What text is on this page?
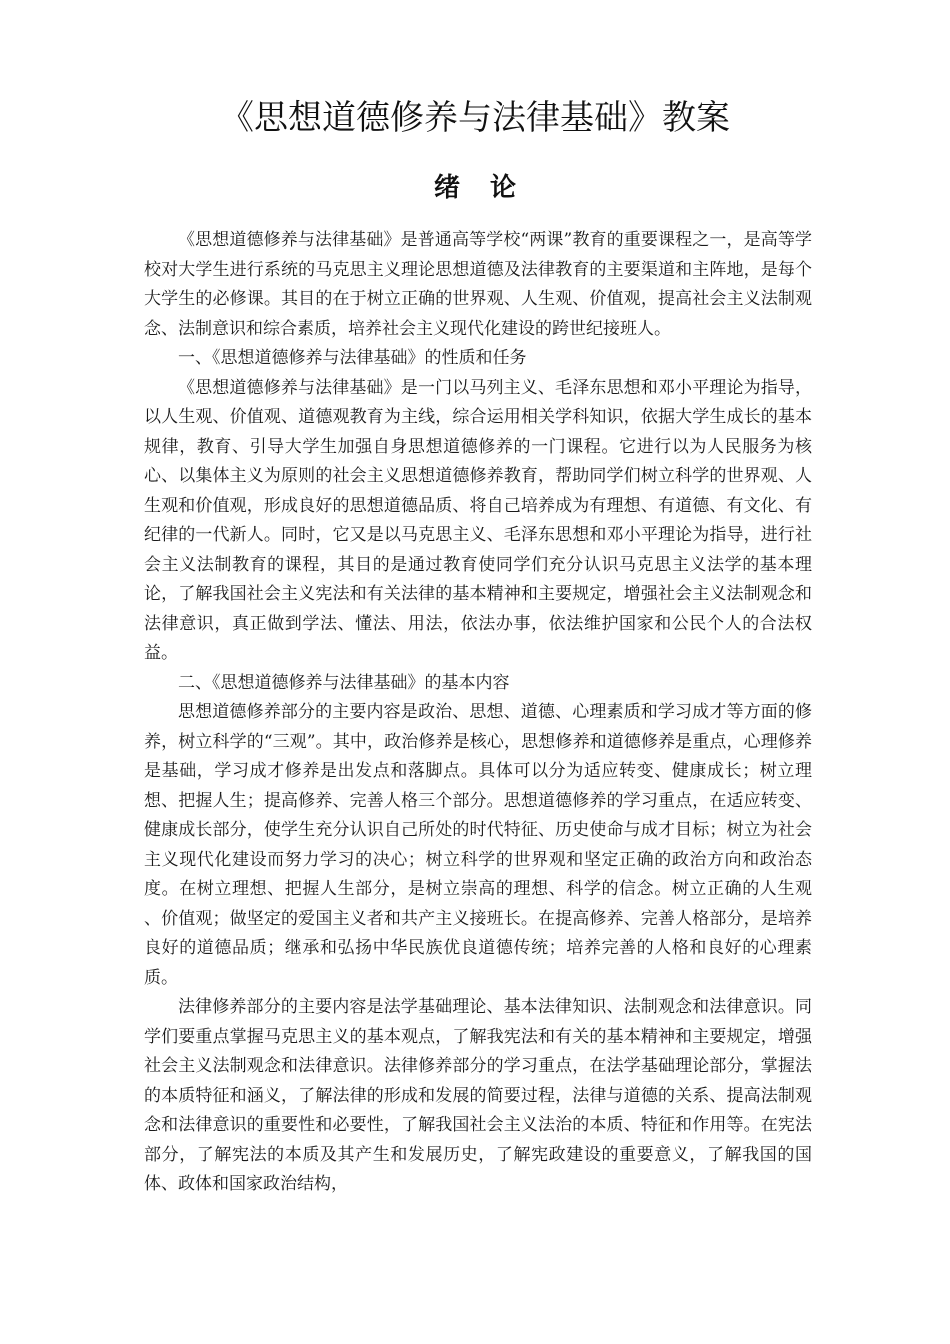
《思想道德修养与法律基础》教案
绪论

《思想道德修养与法律基础》是普通高等学校“两课”教育的重要课程之一，是高等学校对大学生进行系统的马克思主义理论思想道德及法律教育的主要渠道和主阵地，是每个大学生的必修课。其目的在于树立正确的世界观、人生观、价值观，提高社会主义法制观念、法制意识和综合素质，培养社会主义现代化建设的跨世纪接班人。

一、《思想道德修养与法律基础》的性质和任务

《思想道德修养与法律基础》是一门以马列主义、毛泽东思想和邓小平理论为指导，以人生观、价值观、道德观教育为主线，综合运用相关学科知识，依据大学生成长的基本规律，教育、引导大学生加强自身思想道德修养的一门课程。它进行以为人民服务为核心、以集体主义为原则的社会主义思想道德修养教育，帮助同学们树立科学的世界观、人生观和价值观，形成良好的思想道德品质、将自己培养成为有理想、有道德、有文化、有纪律的一代新人。同时，它又是以马克思主义、毛泽东思想和邓小平理论为指导，进行社会主义法制教育的课程，其目的是通过教育使同学们充分认识马克思主义法学的基本理论，了解我国社会主义宪法和有关法律的基本精神和主要规定，增强社会主义法制观念和法律意识，真正做到学法、懂法、用法，依法办事，依法维护国家和公民个人的合法权益。

二、《思想道德修养与法律基础》的基本内容

思想道德修养部分的主要内容是政治、思想、道德、心理素质和学习成才等方面的修养，树立科学的“三观”。其中，政治修养是核心，思想修养和道德修养是重点，心理修养是基础，学习成才修养是出发点和落脚点。具体可以分为适应转变、健康成长；树立理想、把握人生；提高修养、完善人格三个部分。思想道德修养的学习重点，在适应转变、健康成长部分，使学生充分认识自己所处的时代特征、历史使命与成才目标；树立为社会主义现代化建设而努力学习的决心；树立科学的世界观和坚定正确的政治方向和政治态度。在树立理想、把握人生部分，是树立崇高的理想、科学的信念。树立正确的人生观 、价值观；做坚定的爱国主义者和共产主义接班长。在提高修养、完善人格部分，是培养良好的道德品质；继承和弘扬中华民族优良道德传统；培养完善的人格和良好的心理素质。

法律修养部分的主要内容是法学基础理论、基本法律知识、法制观念和法律意识。同学们要重点掌握马克思主义的基本观点，了解我宪法和有关的基本精神和主要规定，增强社会主义法制观念和法律意识。法律修养部分的学习重点，在法学基础理论部分，掌握法的本质特征和涵义，了解法律的形成和发展的简要过程，法律与道德的关系、提高法制观念和法律意识的重要性和必要性，了解我国社会主义法治的本质、特征和作用等。在宪法部分，了解宪法的本质及其产生和发展历史，了解宪政建设的重要意义，了解我国的国体、政体和国家政治结构，
